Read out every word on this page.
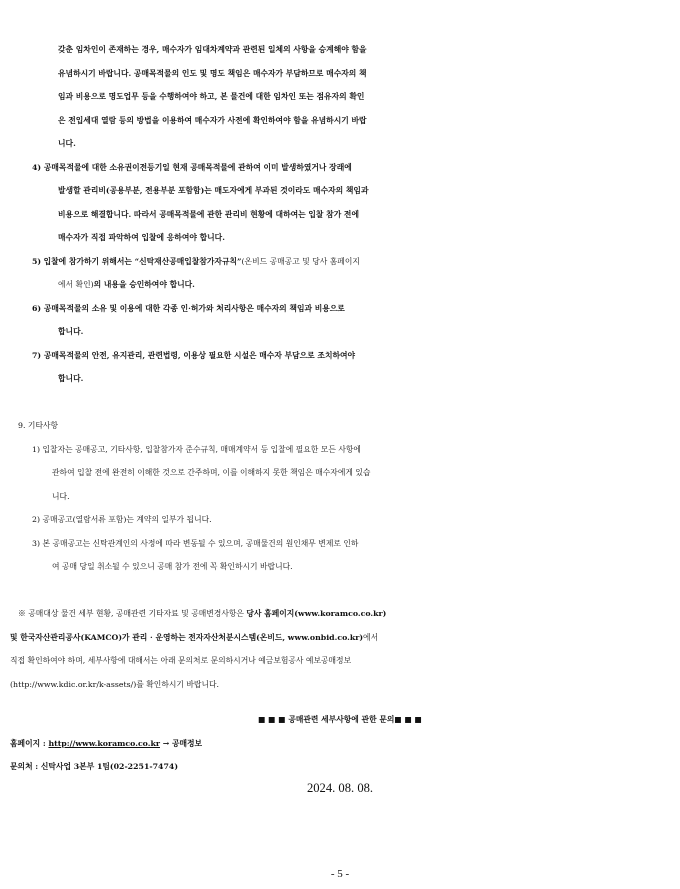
갖춘 임차인이 존재하는 경우, 매수자가 임대차계약과 관련된 일체의 사항을 승계해야 함을
유념하시기 바랍니다. 공매목적물의 인도 및 명도 책임은 매수자가 부담하므로 매수자의 책
임과 비용으로 명도업무 등을 수행하여야 하고, 본 물건에 대한 임차인 또는 점유자의 확인
은 전입세대 열람 등의 방법을 이용하여 매수자가 사전에 확인하여야 함을 유념하시기 바랍
니다.
4) 공매목적물에 대한 소유권이전등기일 현재 공매목적물에 관하여 이미 발생하였거나 장래에
발생할 관리비(공용부분, 전용부분 포함함)는 매도자에게 부과된 것이라도 매수자의 책임과
비용으로 해결합니다. 따라서 공매목적물에 관한 관리비 현황에 대하여는 입찰 참가 전에
매수자가 직접 파악하여 입찰에 응하여야 합니다.
5) 입찰에 참가하기 위해서는 “신탁재산공매입찰참가자규칙”(온비드 공매공고 및 당사 홈페이지
에서 확인)의 내용을 승인하여야 합니다.
6) 공매목적물의 소유 및 이용에 대한 각종 인·허가와 처리사항은 매수자의 책임과 비용으로
합니다.
7) 공매목적물의 안전, 유지관리, 관련법령, 이용상 필요한 시설은 매수자 부담으로 조치하여야
합니다.
9. 기타사항
1) 입찰자는 공매공고, 기타사항, 입찰참가자 준수규칙, 매매계약서 등 입찰에 필요한 모든 사항에
관하여 입찰 전에 완전히 이해한 것으로 간주하며, 이를 이해하지 못한 책임은 매수자에게 있습
니다.
2) 공매공고(열람서류 포함)는 계약의 일부가 됩니다.
3) 본 공매공고는 신탁관계인의 사정에 따라 변동될 수 있으며, 공매물건의 원인채무 변제로 인하
여 공매 당일 취소될 수 있으니 공매 참가 전에 꼭 확인하시기 바랍니다.
※ 공매대상 물건 세부 현황, 공매관련 기타자료 및 공매변경사항은 당사 홈페이지(www.koramco.co.kr)
및 한국자산관리공사(KAMCO)가 관리 · 운영하는 전자자산처분시스템(온비드, www.onbid.co.kr)에서
직접 확인하여야 하며, 세부사항에 대해서는 아래 문의처로 문의하시거나 예금보험공사 예보공매정보
(http://www.kdic.or.kr/k-assets/)를 확인하시기 바랍니다.
■ ■ ■ 공매관련 세부사항에 관한 문의■ ■ ■
홈페이지 : http://www.koramco.co.kr → 공매정보
문의처 : 신탁사업 3본부 1팀(02-2251-7474)
2024. 08. 08.
- 5 -
